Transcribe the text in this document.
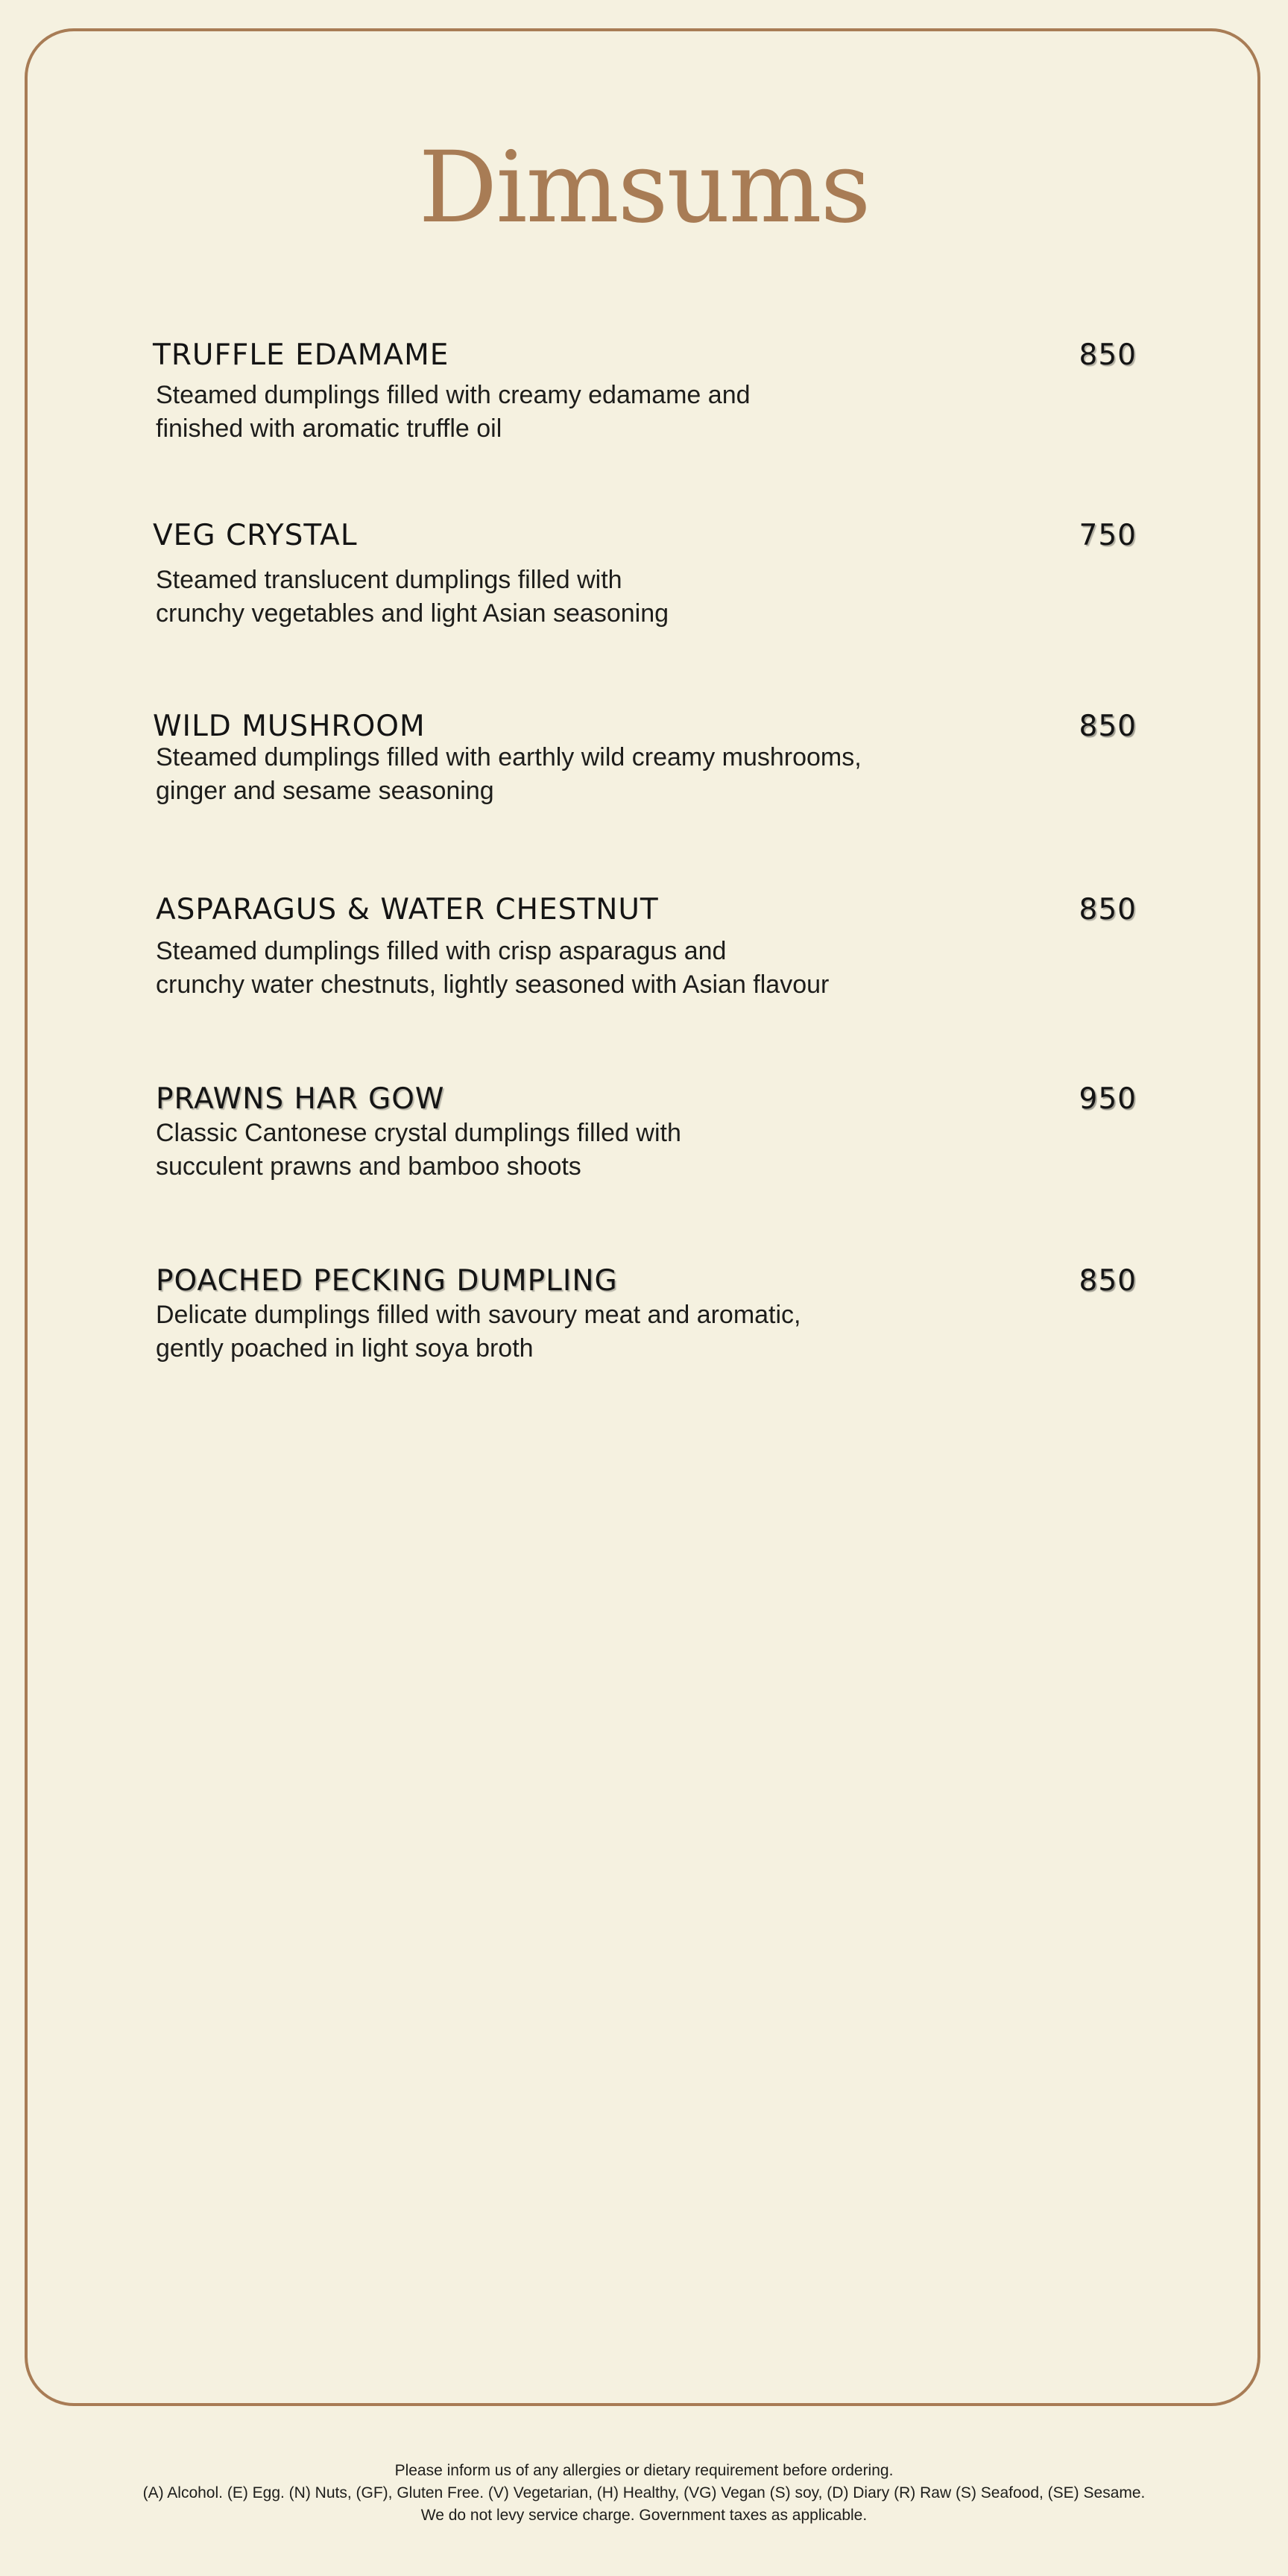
Dimsums
TRUFFLE EDAMAME	850
Steamed dumplings filled with creamy edamame and
finished with aromatic truffle oil
VEG CRYSTAL	750
Steamed translucent dumplings filled with
crunchy vegetables and light Asian seasoning
WILD MUSHROOM	850
Steamed dumplings filled with earthly wild creamy mushrooms,
ginger and sesame seasoning
ASPARAGUS & WATER CHESTNUT	850
Steamed dumplings filled with crisp asparagus and
crunchy water chestnuts, lightly seasoned with Asian flavour
PRAWNS HAR GOW	950
Classic Cantonese crystal dumplings filled with
succulent prawns and bamboo shoots
POACHED PECKING DUMPLING	850
Delicate dumplings filled with savoury meat and aromatic,
gently poached in light soya broth
Please inform us of any allergies or dietary requirement before ordering.
(A) Alcohol. (E) Egg. (N) Nuts, (GF), Gluten Free. (V) Vegetarian, (H) Healthy, (VG) Vegan (S) soy, (D) Diary (R) Raw (S) Seafood, (SE) Sesame.
We do not levy service charge. Government taxes as applicable.
